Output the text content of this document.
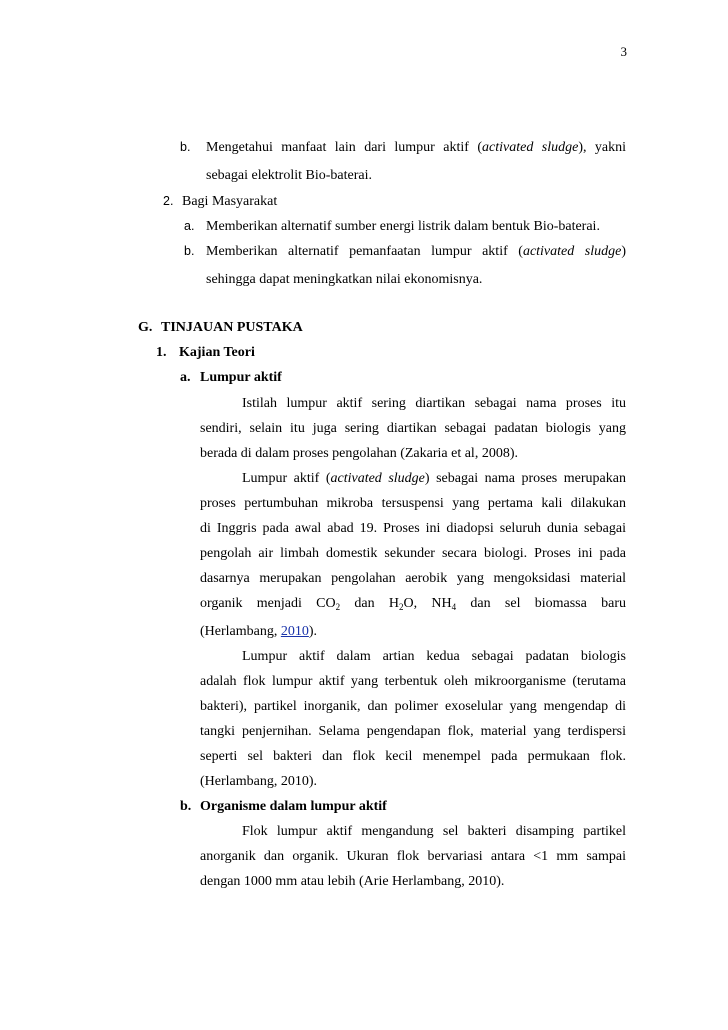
3
b. Mengetahui manfaat lain dari lumpur aktif (activated sludge), yakni
sebagai elektrolit Bio-baterai.
2. Bagi Masyarakat
a. Memberikan alternatif sumber energi listrik dalam bentuk Bio-baterai.
b. Memberikan alternatif pemanfaatan lumpur aktif (activated sludge)
sehingga dapat meningkatkan nilai ekonomisnya.
G. TINJAUAN PUSTAKA
1. Kajian Teori
a. Lumpur aktif
Istilah lumpur aktif sering diartikan sebagai nama proses itu
sendiri, selain itu juga sering diartikan sebagai padatan biologis yang
berada di dalam proses pengolahan (Zakaria et al, 2008).
Lumpur aktif (activated sludge) sebagai nama proses merupakan
proses pertumbuhan mikroba tersuspensi yang pertama kali dilakukan
di Inggris pada awal abad 19. Proses ini diadopsi seluruh dunia sebagai
pengolah air limbah domestik sekunder secara biologi. Proses ini pada
dasarnya merupakan pengolahan aerobik yang mengoksidasi material
organik menjadi $CO_2$ dan $H_2O$, $NH_4$ dan sel biomassa baru
(Herlambang, 2010).
Lumpur aktif dalam artian kedua sebagai padatan biologis
adalah flok lumpur aktif yang terbentuk oleh mikroorganisme (terutama
bakteri), partikel inorganik, dan polimer exoselular yang mengendap di
tangki penjernihan. Selama pengendapan flok, material yang terdispersi
seperti sel bakteri dan flok kecil menempel pada permukaan flok.
(Herlambang, 2010).
b. Organisme dalam lumpur aktif
Flok lumpur aktif mengandung sel bakteri disamping partikel
anorganik dan organik. Ukuran flok bervariasi antara <1 mm sampai
dengan 1000 mm atau lebih (Arie Herlambang, 2010).
